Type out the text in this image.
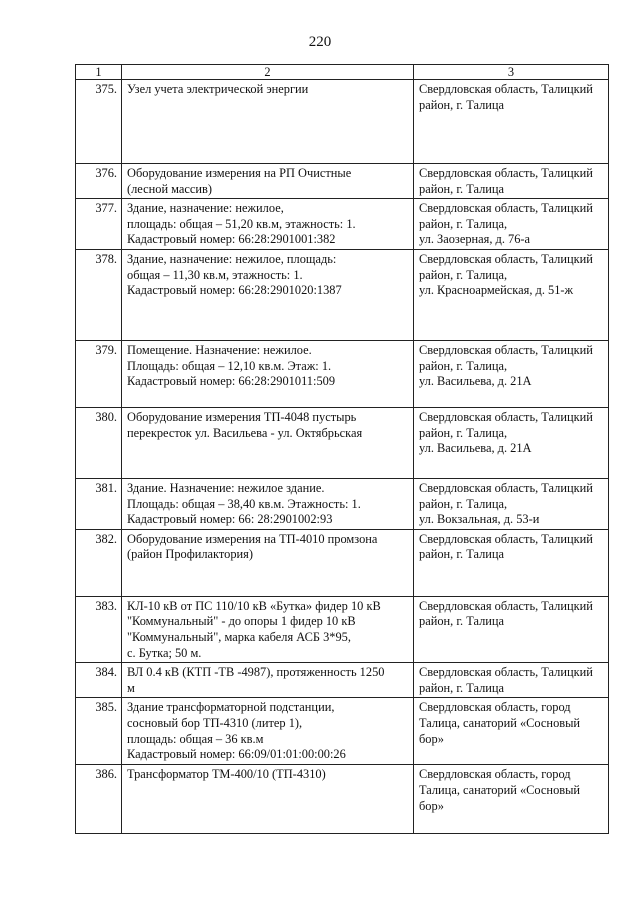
220
1	2	3
375.	Узел учета электрической энергии	Свердловская область, Талицкий
район, г. Талица

376.	Оборудование измерения на РП Очистные
(лесной массив)	Свердловская область, Талицкий
район, г. Талица

377.	Здание, назначение: нежилое,
площадь: общая – 51,20 кв.м, этажность: 1.
Кадастровый номер: 66:28:2901001:382	Свердловская область, Талицкий
район, г. Талица,
ул. Заозерная, д. 76-а

378.	Здание, назначение: нежилое, площадь:
общая – 11,30 кв.м, этажность: 1.
Кадастровый номер: 66:28:2901020:1387	Свердловская область, Талицкий
район, г. Талица,
ул. Красноармейская, д. 51-ж

379.	Помещение. Назначение: нежилое.
Площадь: общая – 12,10 кв.м. Этаж: 1.
Кадастровый номер: 66:28:2901011:509	Свердловская область, Талицкий
район, г. Талица,
ул. Васильева, д. 21А

380.	Оборудование измерения ТП-4048 пустырь
перекресток ул. Васильева - ул. Октябрьская	Свердловская область, Талицкий
район, г. Талица,
ул. Васильева, д. 21А

381.	Здание. Назначение: нежилое здание.
Площадь: общая – 38,40 кв.м. Этажность: 1.
Кадастровый номер: 66: 28:2901002:93	Свердловская область, Талицкий
район, г. Талица,
ул. Вокзальная, д. 53-и

382.	Оборудование измерения на ТП-4010 промзона
(район Профилактория)	Свердловская область, Талицкий
район, г. Талица

383.	КЛ-10 кВ от ПС 110/10 кВ «Бутка» фидер 10 кВ
"Коммунальный" - до опоры 1 фидер 10 кВ
"Коммунальный", марка кабеля АСБ 3*95,
с. Бутка; 50 м.	Свердловская область, Талицкий
район, г. Талица

384.	ВЛ 0.4 кВ (КТП -ТВ -4987), протяженность 1250
м	Свердловская область, Талицкий
район, г. Талица

385.	Здание трансформаторной подстанции,
сосновый бор ТП-4310 (литер 1),
площадь: общая – 36 кв.м
Кадастровый номер: 66:09/01:01:00:00:26	Свердловская область, город
Талица, санаторий «Сосновый
бор»

386.	Трансформатор ТМ-400/10 (ТП-4310)	Свердловская область, город
Талица, санаторий «Сосновый
бор»
